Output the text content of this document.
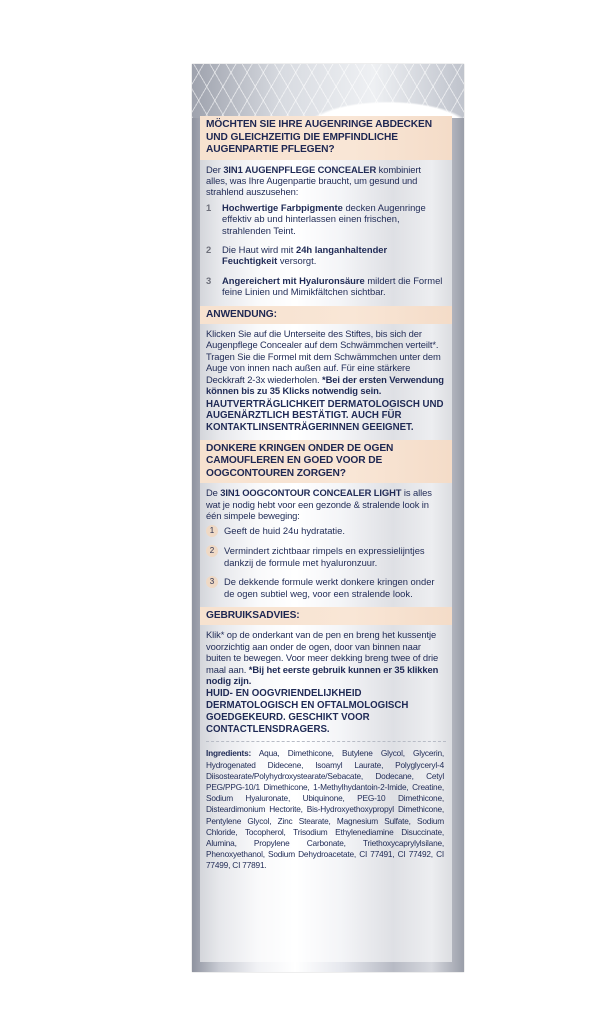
MÖCHTEN SIE IHRE AUGENRINGE ABDECKEN UND GLEICHZEITIG DIE EMPFINDLICHE AUGENPARTIE PFLEGEN?
Der 3IN1 AUGENPFLEGE CONCEALER kombiniert alles, was Ihre Augenpartie braucht, um gesund und strahlend auszusehen:
1	Hochwertige Farbpigmente decken Augenringe effektiv ab und hinterlassen einen frischen, strahlenden Teint.
2	Die Haut wird mit 24h langanhaltender Feuchtigkeit versorgt.
3	Angereichert mit Hyaluronsäure mildert die Formel feine Linien und Mimikfältchen sichtbar.
ANWENDUNG:
Klicken Sie auf die Unterseite des Stiftes, bis sich der Augenpflege Concealer auf dem Schwämmchen verteilt*. Tragen Sie die Formel mit dem Schwämmchen unter dem Auge von innen nach außen auf. Für eine stärkere Deckkraft 2-3x wiederholen. *Bei der ersten Verwendung können bis zu 35 Klicks notwendig sein.
HAUTVERTRÄGLICHKEIT DERMATOLOGISCH UND AUGENÄRZTLICH BESTÄTIGT. AUCH FÜR KONTAKTLINSENTRÄGERINNEN GEEIGNET.
DONKERE KRINGEN ONDER DE OGEN CAMOUFLEREN EN GOED VOOR DE OOGCONTOUREN ZORGEN?
De 3IN1 OOGCONTOUR CONCEALER LIGHT is alles wat je nodig hebt voor een gezonde & stralende look in één simpele beweging:
1	Geeft de huid 24u hydratatie.
2	Vermindert zichtbaar rimpels en expressielijntjes dankzij de formule met hyaluronzuur.
3	De dekkende formule werkt donkere kringen onder de ogen subtiel weg, voor een stralende look.
GEBRUIKSADVIES:
Klik* op de onderkant van de pen en breng het kussentje voorzichtig aan onder de ogen, door van binnen naar buiten te bewegen. Voor meer dekking breng twee of drie maal aan. *Bij het eerste gebruik kunnen er 35 klikken nodig zijn.
HUID- EN OOGVRIENDELIJKHEID DERMATOLOGISCH EN OFTALMOLOGISCH GOEDGEKEURD. GESCHIKT VOOR CONTACTLENSDRAGERS.
Ingredients: Aqua, Dimethicone, Butylene Glycol, Glycerin, Hydrogenated Didecene, Isoamyl Laurate, Polyglyceryl-4 Diisostearate/Polyhydroxystearate/Sebacate, Dodecane, Cetyl PEG/PPG-10/1 Dimethicone, 1-Methylhydantoin-2-Imide, Creatine, Sodium Hyaluronate, Ubiquinone, PEG-10 Dimethicone, Disteardimonium Hectorite, Bis-Hydroxyethoxypropyl Dimethicone, Pentylene Glycol, Zinc Stearate, Magnesium Sulfate, Sodium Chloride, Tocopherol, Trisodium Ethylenediamine Disuccinate, Alumina, Propylene Carbonate, Triethoxycaprylylsilane, Phenoxyethanol, Sodium Dehydroacetate, CI 77491, CI 77492, CI 77499, CI 77891.
